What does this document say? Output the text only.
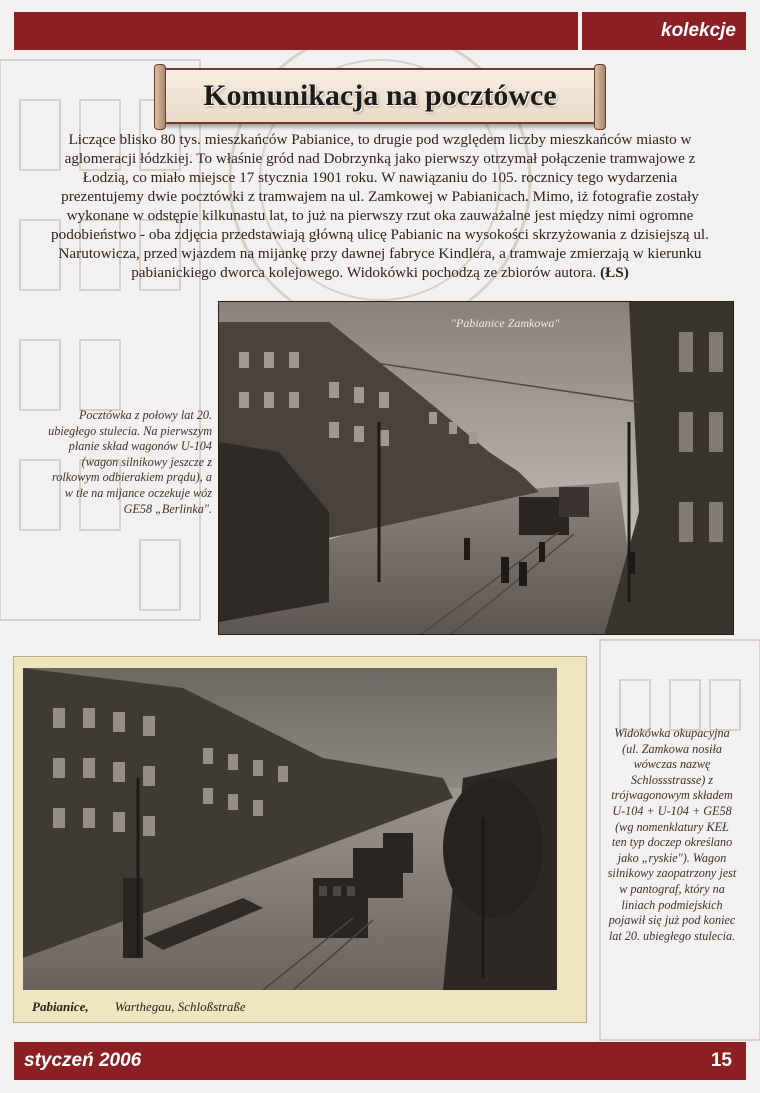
kolekcje
Komunikacja na pocztówce
Liczące blisko 80 tys. mieszkańców Pabianice, to drugie pod względem liczby mieszkańców miasto w
aglomeracji łódzkiej. To właśnie gród nad Dobrzynką jako pierwszy otrzymał połączenie tramwajowe z
Łodzią, co miało miejsce 17 stycznia 1901 roku. W nawiązaniu do 105. rocznicy tego wydarzenia
prezentujemy dwie pocztówki z tramwajem na ul. Zamkowej w Pabianicach. Mimo, iż fotografie zostały
wykonane w odstępie kilkunastu lat, to już na pierwszy rzut oka zauważalne jest między nimi ogromne
podobieństwo - oba zdjęcia przedstawiają główną ulicę Pabianic na wysokości skrzyżowania z dzisiejszą ul.
Narutowicza, przed wjazdem na mijankę przy dawnej fabryce Kindlera, a tramwaje zmierzają w kierunku
pabianickiego dworca kolejowego. Widokówki pochodzą ze zbiorów autora. (ŁS)
"Pabianice Zamkowa"
Pocztówka z połowy lat 20.
ubiegłego stulecia. Na pierwszym
planie skład wagonów U-104
(wagon silnikowy jeszcze z
rolkowym odbierakiem prądu), a
w tle na mijance oczekuje wóz
GE58 „Berlinka".
Pabianice, Warthegau, Schloßstraße
Widokówka okupacyjna
(ul. Zamkowa nosiła
wówczas nazwę
Schlossstrasse) z
trójwagonowym składem
U-104 + U-104 + GE58
(wg nomenklatury KEŁ
ten typ doczep określano
jako „ryskie"). Wagon
silnikowy zaopatrzony jest
w pantograf, który na
liniach podmiejskich
pojawił się już pod koniec
lat 20. ubiegłego stulecia.
styczeń 2006	15
